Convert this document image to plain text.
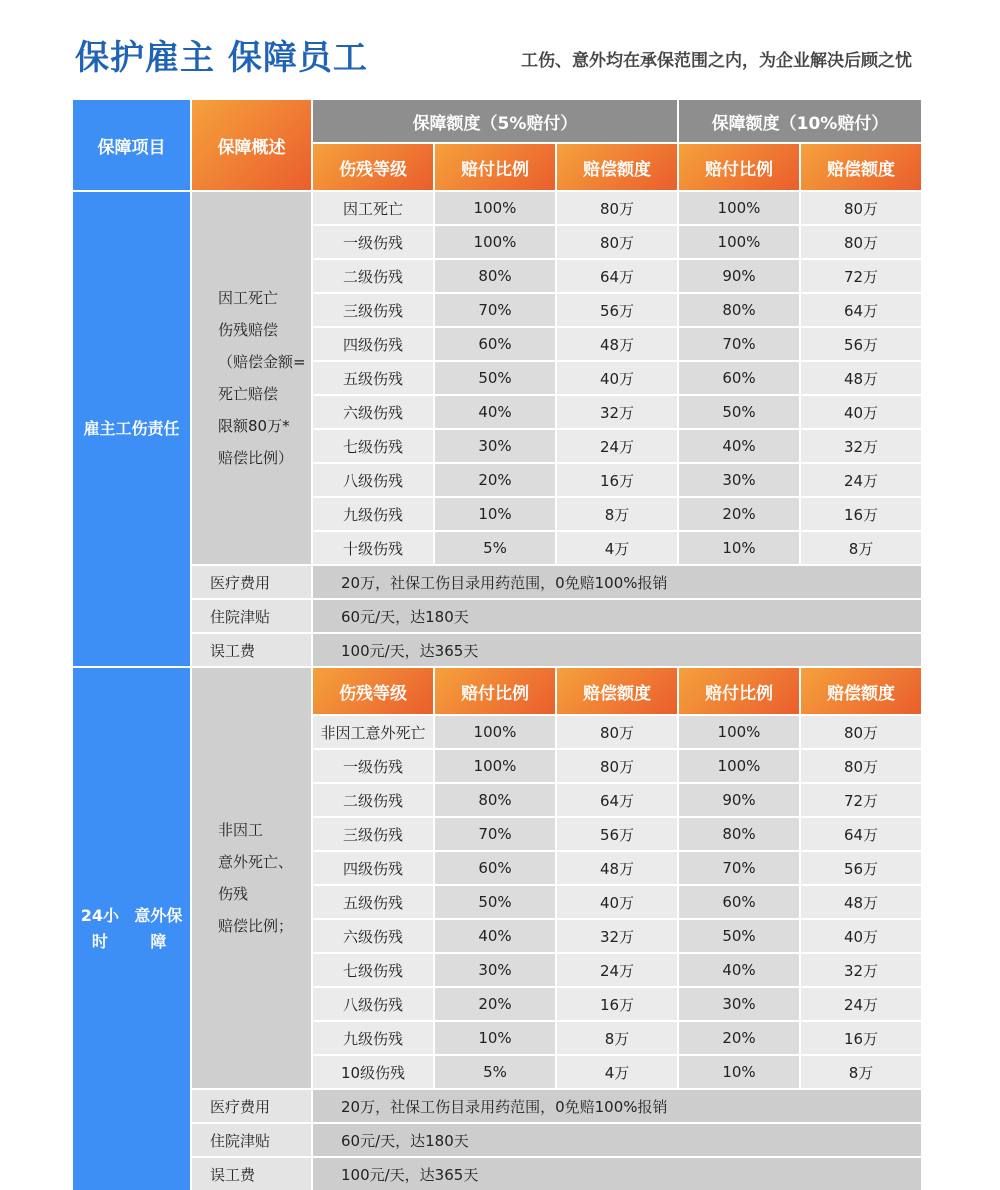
保护雇主 保障员工	工伤、意外均在承保范围之内，为企业解决后顾之忧
保障项目	保障概述
保障额度（5%赔付）	保障额度（10%赔付）
伤残等级	赔付比例	赔偿额度	赔付比例	赔偿额度
雇主 工伤责任
因工死亡
伤残赔偿
（赔偿金额=
死亡赔偿
限额80万*
赔偿比例）
因工死亡	100%	80万	100%	80万
一级伤残	100%	80万	100%	80万
二级伤残	80%	64万	90%	72万
三级伤残	70%	56万	80%	64万
四级伤残	60%	48万	70%	56万
五级伤残	50%	40万	60%	48万
六级伤残	40%	32万	50%	40万
七级伤残	30%	24万	40%	32万
八级伤残	20%	16万	30%	24万
九级伤残	10%	8万	20%	16万
十级伤残	5%	4万	10%	8万
医疗费用	20万，社保工伤目录用药范围，0免赔100%报销
住院津贴	60元/天，达180天
误工费	100元/天，达365天
24小时
意外保障
非因工
意外死亡、
伤残
赔偿比例；
伤残等级	赔付比例	赔偿额度	赔付比例	赔偿额度
非因工意外死亡	100%	80万	100%	80万
一级伤残	100%	80万	100%	80万
二级伤残	80%	64万	90%	72万
三级伤残	70%	56万	80%	64万
四级伤残	60%	48万	70%	56万
五级伤残	50%	40万	60%	48万
六级伤残	40%	32万	50%	40万
七级伤残	30%	24万	40%	32万
八级伤残	20%	16万	30%	24万
九级伤残	10%	8万	20%	16万
10级伤残	5%	4万	10%	8万
医疗费用	20万，社保工伤目录用药范围，0免赔100%报销
住院津贴	60元/天，达180天
误工费	100元/天，达365天
